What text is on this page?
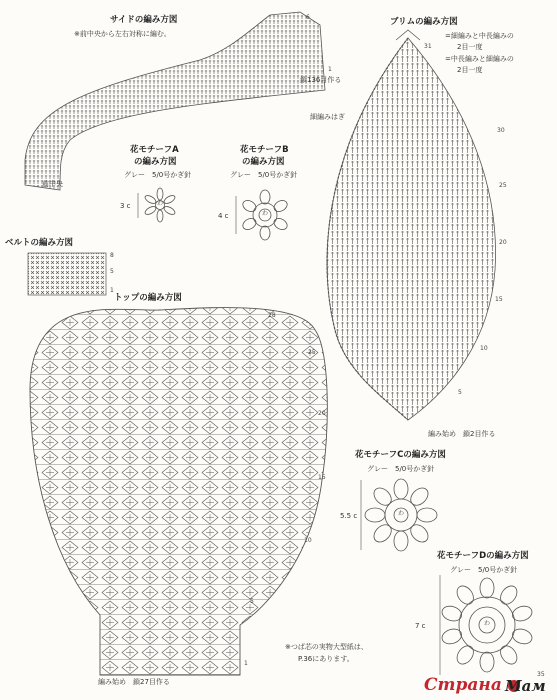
サイドの編み方図
※前中央から左右対称に編む。
鎖136目作る
前中央
ベルトの編み方図
トップの編み方図
編み始め　鎖27目作る
※つば芯の実物大型紙は、
P.36にあります。
ブリムの編み方図
=細編みと中長編みの
2目一度
=中長編みと細編みの
2目一度
細編みはぎ
編み始め　鎖2目作る
花モチーフA
の編み方図
グレー　5/0号かぎ針
3 c
花モチーフB
の編み方図
グレー　5/0号かぎ針
4 c
花モチーフCの編み方図
グレー　5/0号かぎ針
5.5 c
花モチーフDの編み方図
グレー　5/0号かぎ針
7 c
わ
わ
わ
わ
6
1
8
5
1
28
25
20
15
10
5
1
31
30
25
20
15
10
5
35
Страна Мам
